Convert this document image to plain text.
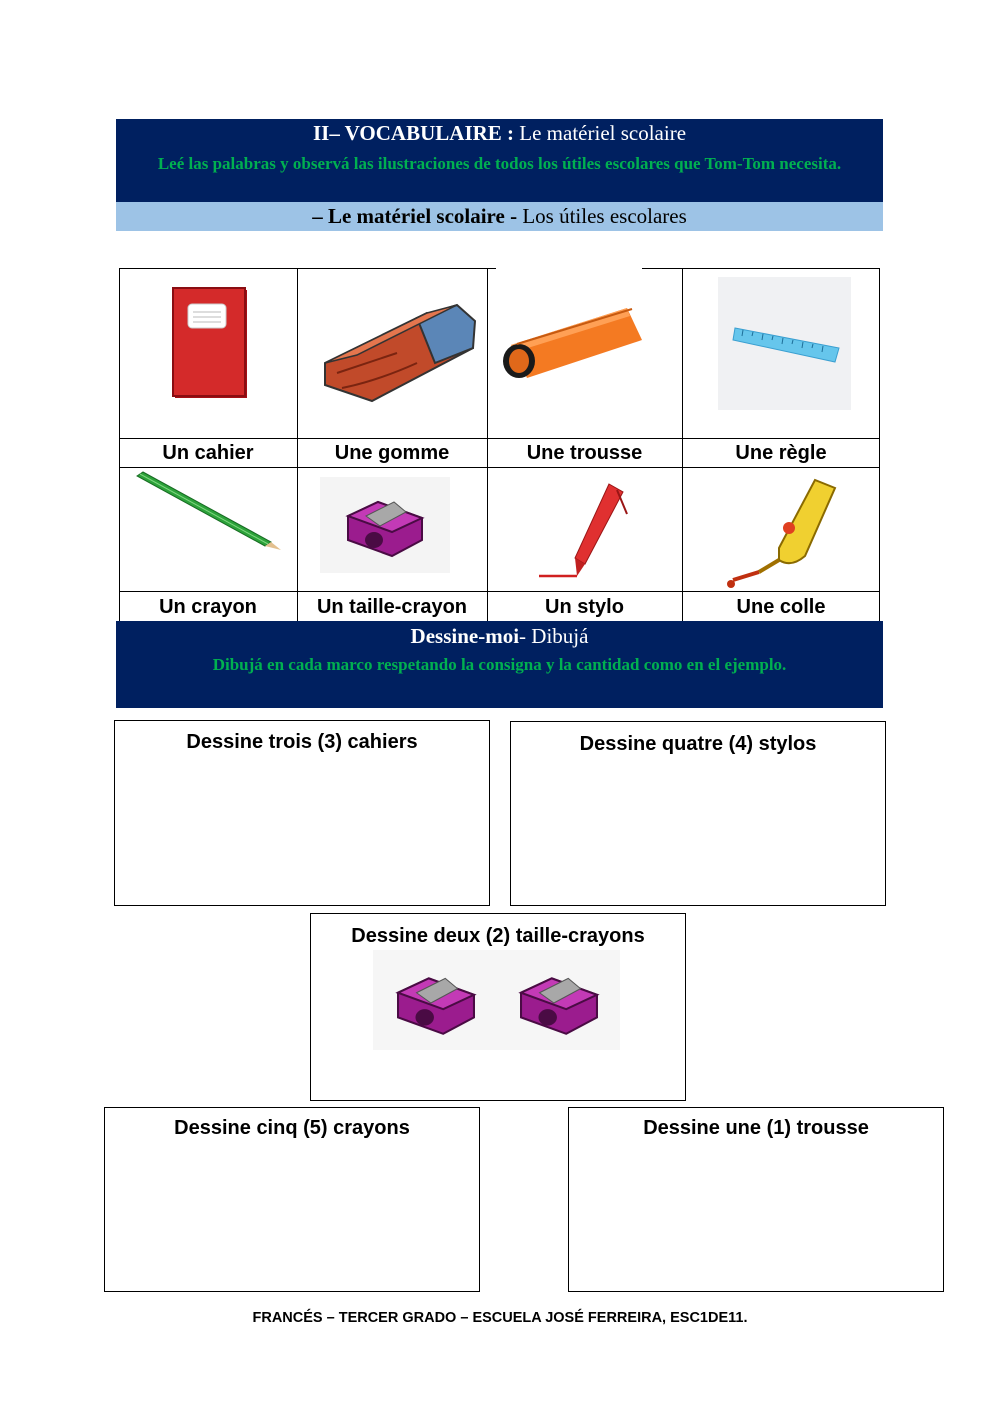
II– VOCABULAIRE : Le matériel scolaire
Leé las palabras y observá las ilustraciones de todos los útiles escolares que Tom-Tom necesita.
– Le matériel scolaire - Los útiles escolares
Un cahier	Une gomme	Une trousse	Une règle
Un crayon	Un taille-crayon	Un stylo	Une colle
Dessine-moi- Dibujá
Dibujá en cada marco respetando la consigna y la cantidad como en el ejemplo.
Dessine trois (3) cahiers	Dessine quatre (4) stylos
Dessine deux (2) taille-crayons
Dessine cinq (5) crayons	Dessine une (1) trousse
FRANCÉS – TERCER GRADO – ESCUELA JOSÉ FERREIRA, ESC1DE11.
